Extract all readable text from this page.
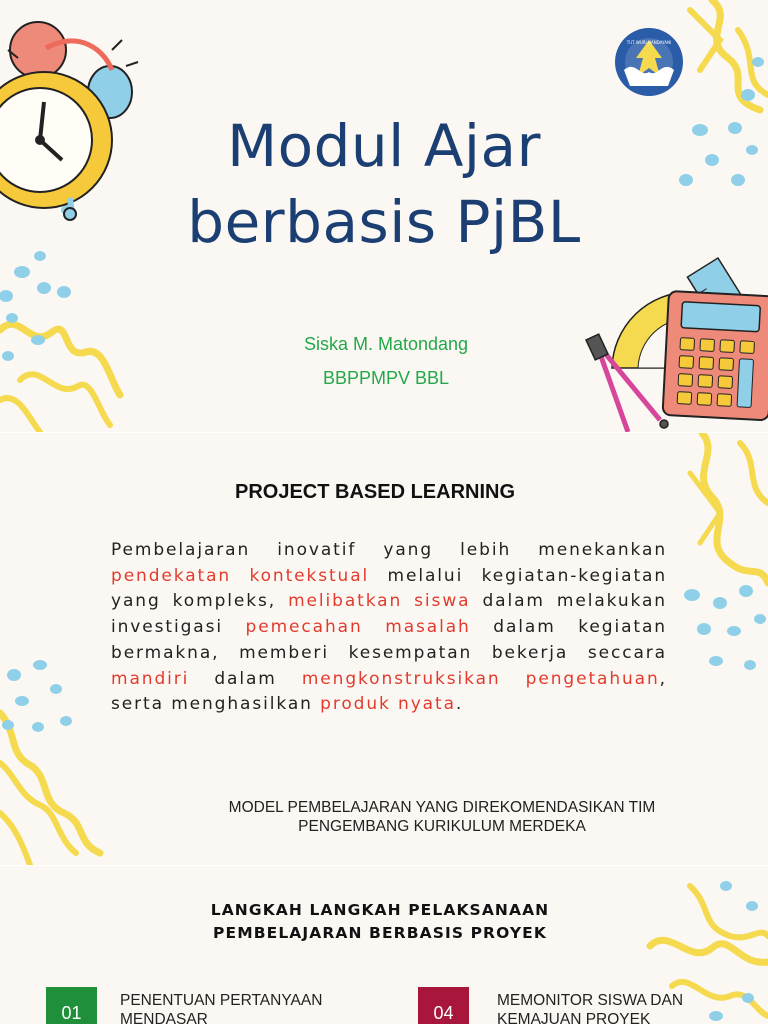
TUT WURI HANDAYANI
Modul Ajar
berbasis PjBL
Siska M. Matondang
BBPPMPV BBL
PROJECT BASED LEARNING

Pembelajaran inovatif yang lebih menekankan pendekatan kontekstual melalui kegiatan-kegiatan yang kompleks, melibatkan siswa dalam melakukan investigasi pemecahan masalah dalam kegiatan bermakna, memberi kesempatan bekerja seccara mandiri dalam mengkonstruksikan pengetahuan, serta menghasilkan produk nyata.

MODEL PEMBELAJARAN YANG DIREKOMENDASIKAN TIM
PENGEMBANG KURIKULUM MERDEKA
LANGKAH LANGKAH PELAKSANAAN
PEMBELAJARAN BERBASIS PROYEK
01
PENENTUAN PERTANYAAN MENDASAR	04
MEMONITOR SISWA DAN KEMAJUAN PROYEK
